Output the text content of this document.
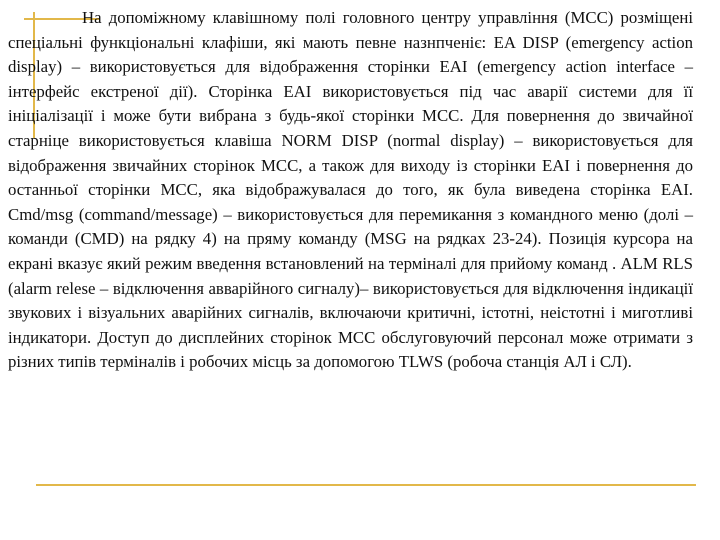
На допоміжному клавішному полі головного центру управління (МСС) розміщені спеціальні функціональні клафіши, які мають певне назнпченіє: EA DISP (emergency action display) – використовується для відображення сторінки EAI (emergency action interface – інтерфейс екстреної дії). Сторінка EAI використовується під час аварії системи для її ініціалізації і може бути вибрана з будь-якої сторінки МСС. Для повернення до звичайної старніце використовується клавіша NORM DISP (normal display) – використовується для відображення звичайних сторінок МСС, а також для виходу із сторінки EAI і повернення до останньої сторінки МСС, яка відображувалася до того, як була виведена сторінка EAI. Cmd/msg (command/message) – використовується для перемикання з командного меню (долі – команди (CMD) на рядку 4) на пряму команду (MSG на рядках 23-24). Позиція курсора на екрані вказує який режим введення встановлений на терміналі для прийому команд . ALM RLS (alarm relese – відключення авварійного сигналу)– використовується для відключення індикації звукових і візуальних аварійних сигналів, включаючи критичні, істотні, неістотні і миготливі індикатори. Доступ до дисплейних сторінок МСС обслуговуючий персонал може отримати з різних типів терміналів і робочих місць за допомогою TLWS (робоча станція АЛ і СЛ).
